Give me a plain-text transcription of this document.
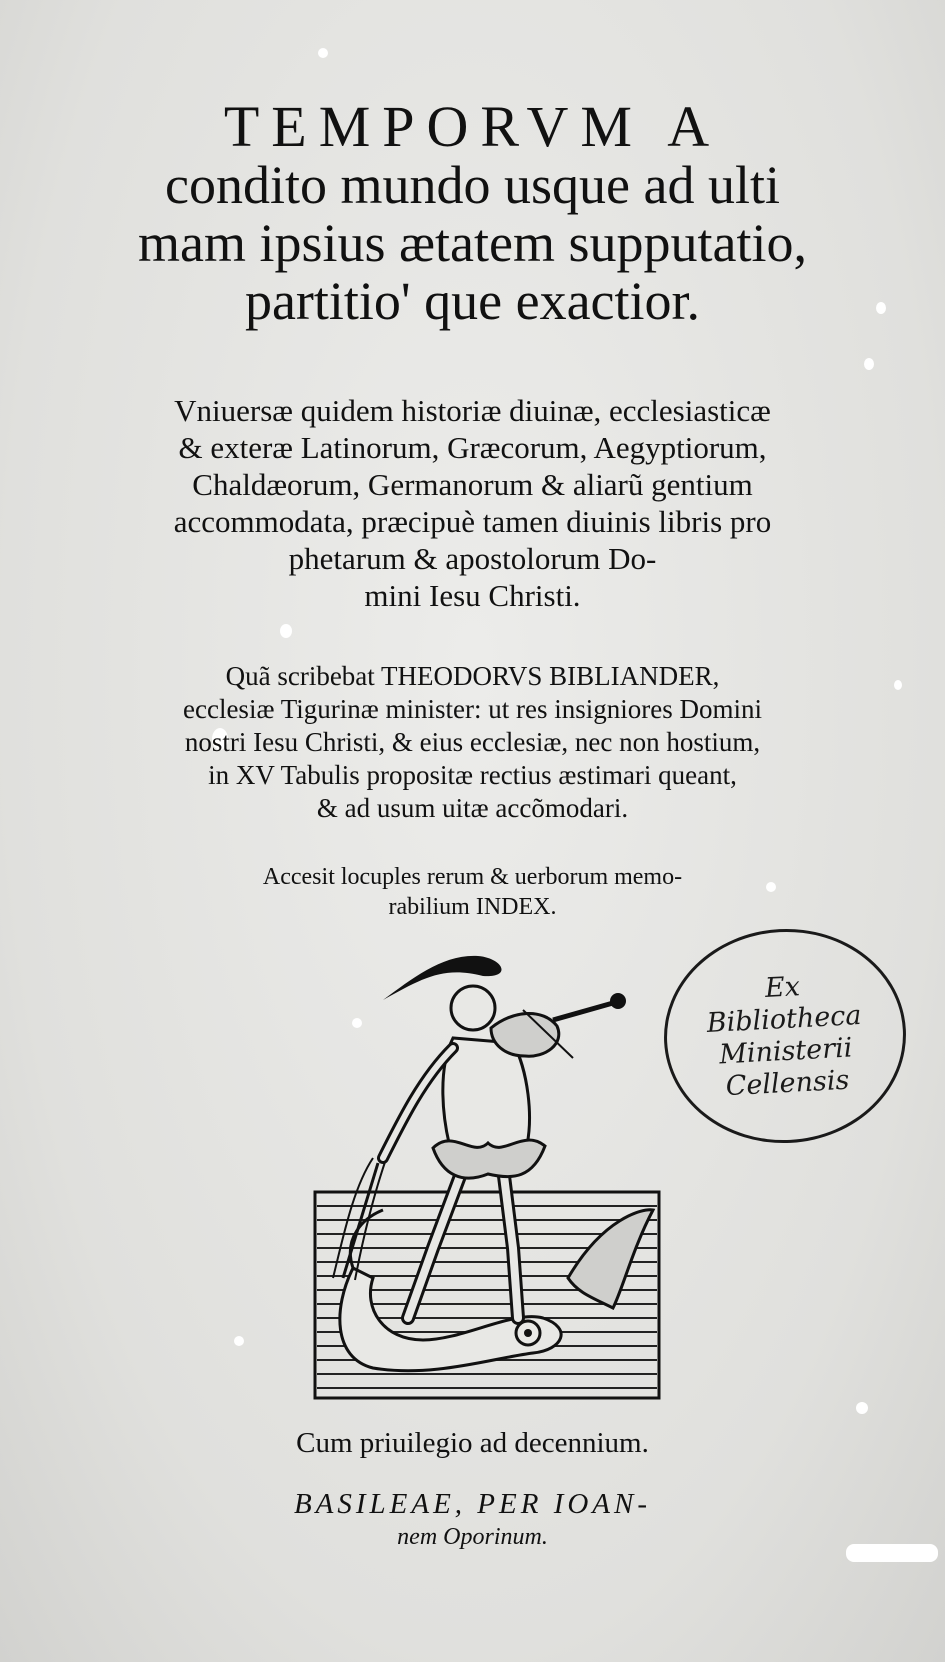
TEMPORVM A

condito mundo usque ad ulti

mam ipsius ætatem supputatio,

partitio' que exactior.

Vniuersæ quidem historiæ diuinæ, ecclesiasticæ

& exteræ Latinorum, Græcorum, Aegyptiorum,

Chaldæorum, Germanorum & aliarũ gentium

accommodata, præcipuè tamen diuinis libris pro

phetarum & apostolorum Do-

mini Iesu Christi.

Quã scribebat THEODORVS BIBLIANDER,

ecclesiæ Tigurinæ minister: ut res insigniores Domini

nostri Iesu Christi, & eius ecclesiæ, nec non hostium,

in XV Tabulis propositæ rectius æstimari queant,

& ad usum uitæ accõmodari.

Accesit locuples rerum & uerborum memo-

rabilium INDEX.

Ex
Bibliotheca
Ministerii
Cellensis

Cum priuilegio ad decennium.

BASILEAE, PER IOAN-

nem Oporinum.
